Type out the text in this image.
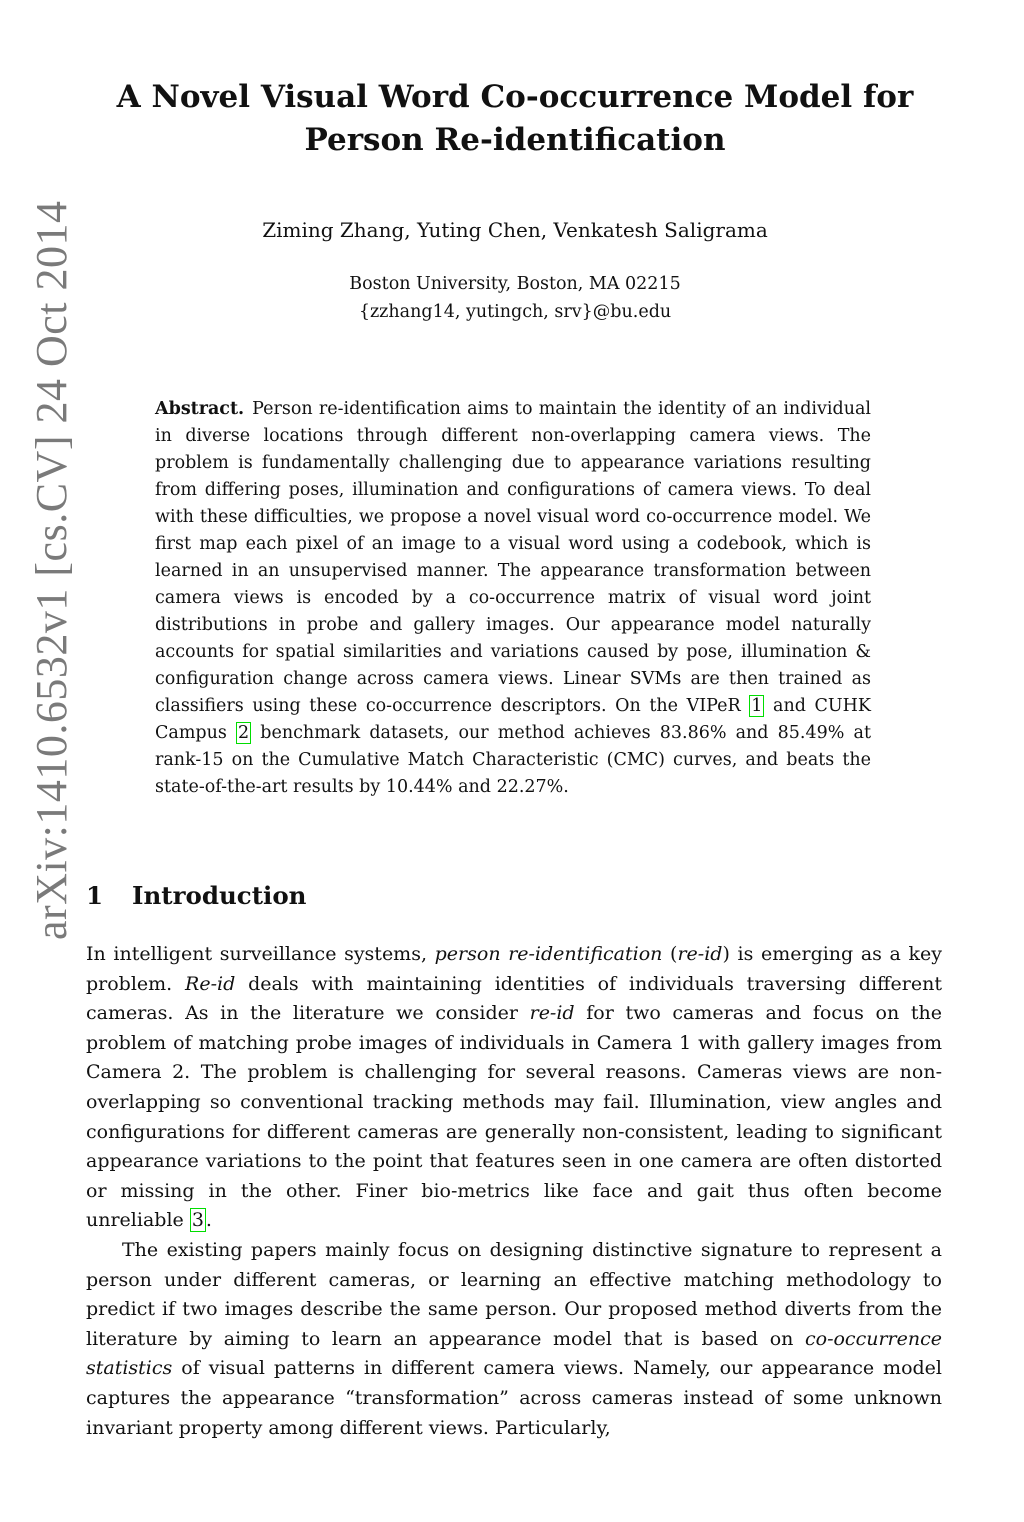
arXiv:1410.6532v1 [cs.CV] 24 Oct 2014
A Novel Visual Word Co-occurrence Model for Person Re-identification
Ziming Zhang, Yuting Chen, Venkatesh Saligrama
Boston University, Boston, MA 02215
{zzhang14, yutingch, srv}@bu.edu
Abstract. Person re-identification aims to maintain the identity of an individual in diverse locations through different non-overlapping camera views. The problem is fundamentally challenging due to appearance variations resulting from differing poses, illumination and configurations of camera views. To deal with these difficulties, we propose a novel visual word co-occurrence model. We first map each pixel of an image to a visual word using a codebook, which is learned in an unsupervised manner. The appearance transformation between camera views is encoded by a co-occurrence matrix of visual word joint distributions in probe and gallery images. Our appearance model naturally accounts for spatial similarities and variations caused by pose, illumination & configuration change across camera views. Linear SVMs are then trained as classifiers using these co-occurrence descriptors. On the VIPeR 1 and CUHK Campus 2 benchmark datasets, our method achieves 83.86% and 85.49% at rank-15 on the Cumulative Match Characteristic (CMC) curves, and beats the state-of-the-art results by 10.44% and 22.27%.
1 Introduction

In intelligent surveillance systems, person re-identification (re-id) is emerging as a key problem. Re-id deals with maintaining identities of individuals traversing different cameras. As in the literature we consider re-id for two cameras and focus on the problem of matching probe images of individuals in Camera 1 with gallery images from Camera 2. The problem is challenging for several reasons. Cameras views are non-overlapping so conventional tracking methods may fail. Illumination, view angles and configurations for different cameras are generally non-consistent, leading to significant appearance variations to the point that features seen in one camera are often distorted or missing in the other. Finer bio-metrics like face and gait thus often become unreliable 3 .

The existing papers mainly focus on designing distinctive signature to represent a person under different cameras, or learning an effective matching methodology to predict if two images describe the same person. Our proposed method diverts from the literature by aiming to learn an appearance model that is based on co-occurrence statistics of visual patterns in different camera views. Namely, our appearance model captures the appearance “transformation” across cameras instead of some unknown invariant property among different views. Particularly,
